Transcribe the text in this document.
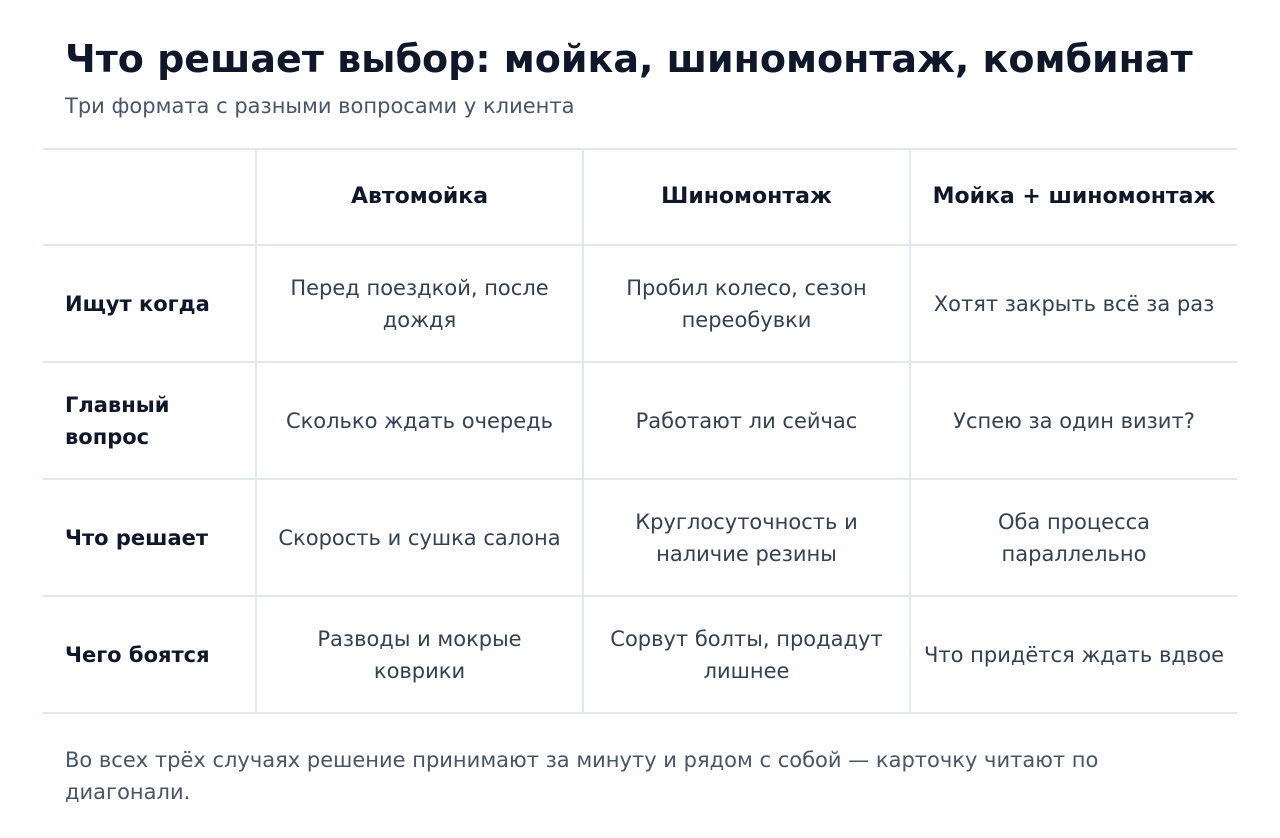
Что решает выбор: мойка, шиномонтаж, комбинат

Три формата с разными вопросами у клиента

	Автомойка	Шиномонтаж	Мойка + шиномонтаж
Ищут когда	Перед поездкой, после дождя	Пробил колесо, сезон переобувки	Хотят закрыть всё за раз
Главный вопрос	Сколько ждать очередь	Работают ли сейчас	Успею за один визит?
Что решает	Скорость и сушка салона	Круглосуточность и наличие резины	Оба процесса параллельно
Чего боятся	Разводы и мокрые коврики	Сорвут болты, продадут лишнее	Что придётся ждать вдвое

Во всех трёх случаях решение принимают за минуту и рядом с собой — карточку читают по диагонали.
